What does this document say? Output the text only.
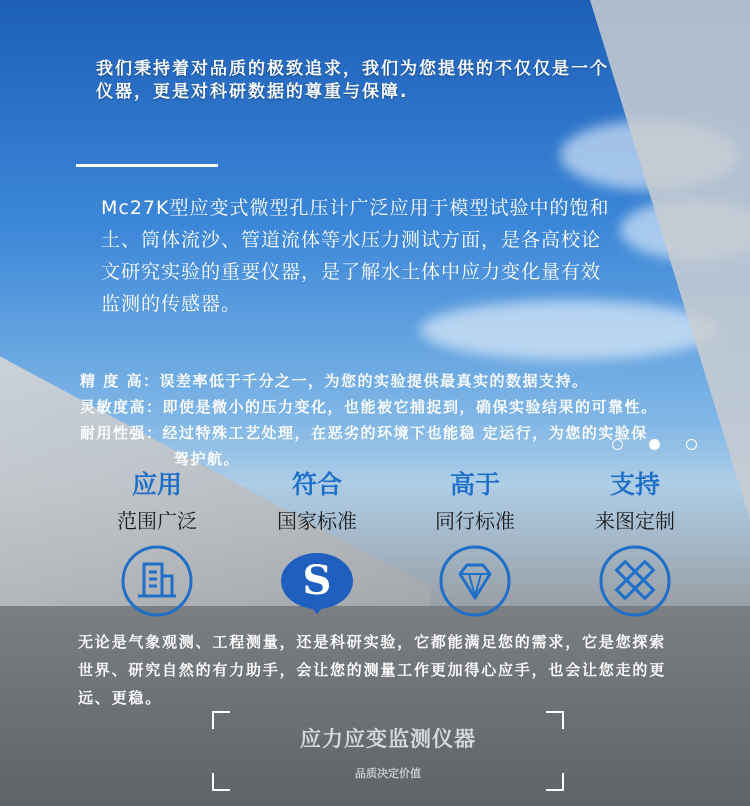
我们秉持着对品质的极致追求，我们为您提供的不仅仅是一个
仪器，更是对科研数据的尊重与保障.
Mc27K型应变式微型孔压计广泛应用于模型试验中的饱和
土、筒体流沙、管道流体等水压力测试方面，是各高校论
文研究实验的重要仪器，是了解水土体中应力变化量有效
监测的传感器。
精 度 高：误差率低于千分之一，为您的实验提供最真实的数据支持。
灵敏度高：即使是微小的压力变化，也能被它捕捉到，确保实验结果的可靠性。
耐用性强：经过特殊工艺处理，在恶劣的环境下也能稳 定运行，为您的实验保
驾护航。
应用
范围广泛
符合
国家标准
S
高于
同行标准
支持
来图定制
无论是气象观测、工程测量，还是科研实验，它都能满足您的需求，它是您探索
世界、研究自然的有力助手，会让您的测量工作更加得心应手，也会让您走的更
远、更稳。
应力应变监测仪器
品质决定价值
